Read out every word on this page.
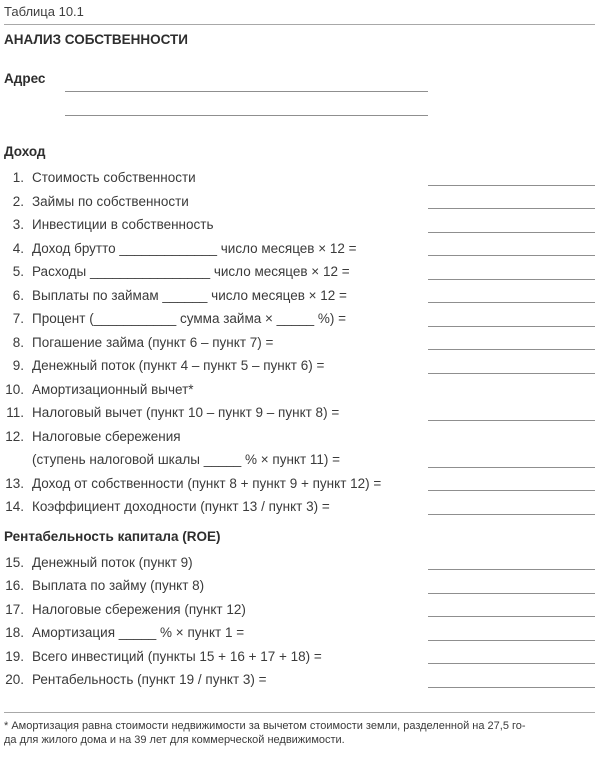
Таблица 10.1
АНАЛИЗ СОБСТВЕННОСТИ
Адрес
Доход
1. Стоимость собственности
2. Займы по собственности
3. Инвестиции в собственность
4. Доход брутто _____________ число месяцев × 12 =
5. Расходы ________________ число месяцев × 12 =
6. Выплаты по займам ______ число месяцев × 12 =
7. Процент (___________ сумма займа × _____ %) =
8. Погашение займа (пункт 6 – пункт 7) =
9. Денежный поток (пункт 4 – пункт 5 – пункт 6) =
10. Амортизационный вычет*
11. Налоговый вычет (пункт 10 – пункт 9 – пункт 8) =
12. Налоговые сбережения
(ступень налоговой шкалы _____ % × пункт 11) =
13. Доход от собственности (пункт 8 + пункт 9 + пункт 12) =
14. Коэффициент доходности (пункт 13 / пункт 3) =
Рентабельность капитала (ROE)
15. Денежный поток (пункт 9)
16. Выплата по займу (пункт 8)
17. Налоговые сбережения (пункт 12)
18. Амортизация _____ % × пункт 1 =
19. Всего инвестиций (пункты 15 + 16 + 17 + 18) =
20. Рентабельность (пункт 19 / пункт 3) =
* Амортизация равна стоимости недвижимости за вычетом стоимости земли, разделенной на 27,5 го-
да для жилого дома и на 39 лет для коммерческой недвижимости.
